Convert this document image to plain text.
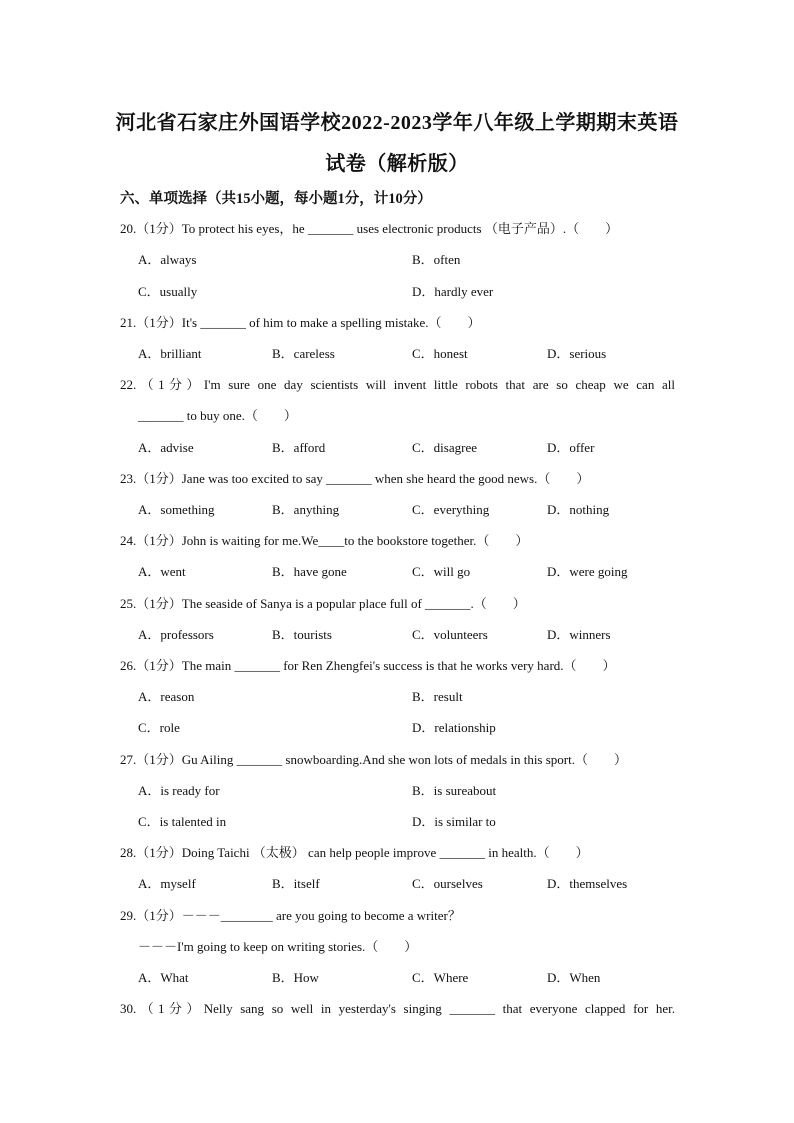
河北省石家庄外国语学校2022-2023学年八年级上学期期末英语
试卷（解析版）
六、单项选择（共15小题，每小题1分，计10分）
20.（1分）To protect his eyes，he _______ uses electronic products （电子产品）.（　　）
A．always	B．often
C．usually	D．hardly ever
21.（1分）It's _______ of him to make a spelling mistake.（　　）
A．brilliant	B．careless	C．honest	D．serious
22.（1分）I'm sure one day scientists will invent little robots that are so cheap we can all
_______ to buy one.（　　）
A．advise	B．afford	C．disagree	D．offer
23.（1分）Jane was too excited to say _______ when she heard the good news.（　　）
A．something	B．anything	C．everything	D．nothing
24.（1分）John is waiting for me.We____to the bookstore together.（　　）
A．went	B．have gone	C．will go	D．were going
25.（1分）The seaside of Sanya is a popular place full of _______.（　　）
A．professors	B．tourists	C．volunteers	D．winners
26.（1分）The main _______ for Ren Zhengfei's success is that he works very hard.（　　）
A．reason	B．result
C．role	D．relationship
27.（1分）Gu Ailing _______ snowboarding.And she won lots of medals in this sport.（　　）
A．is ready for	B．is sureabout
C．is talented in	D．is similar to
28.（1分）Doing Taichi （太极） can help people improve _______ in health.（　　）
A．myself	B．itself	C．ourselves	D．themselves
29.（1分）－－－________ are you going to become a writer？
－－－I'm going to keep on writing stories.（　　）
A．What	B．How	C．Where	D．When
30.（1分）Nelly sang so well in yesterday's singing _______ that everyone clapped for her.
